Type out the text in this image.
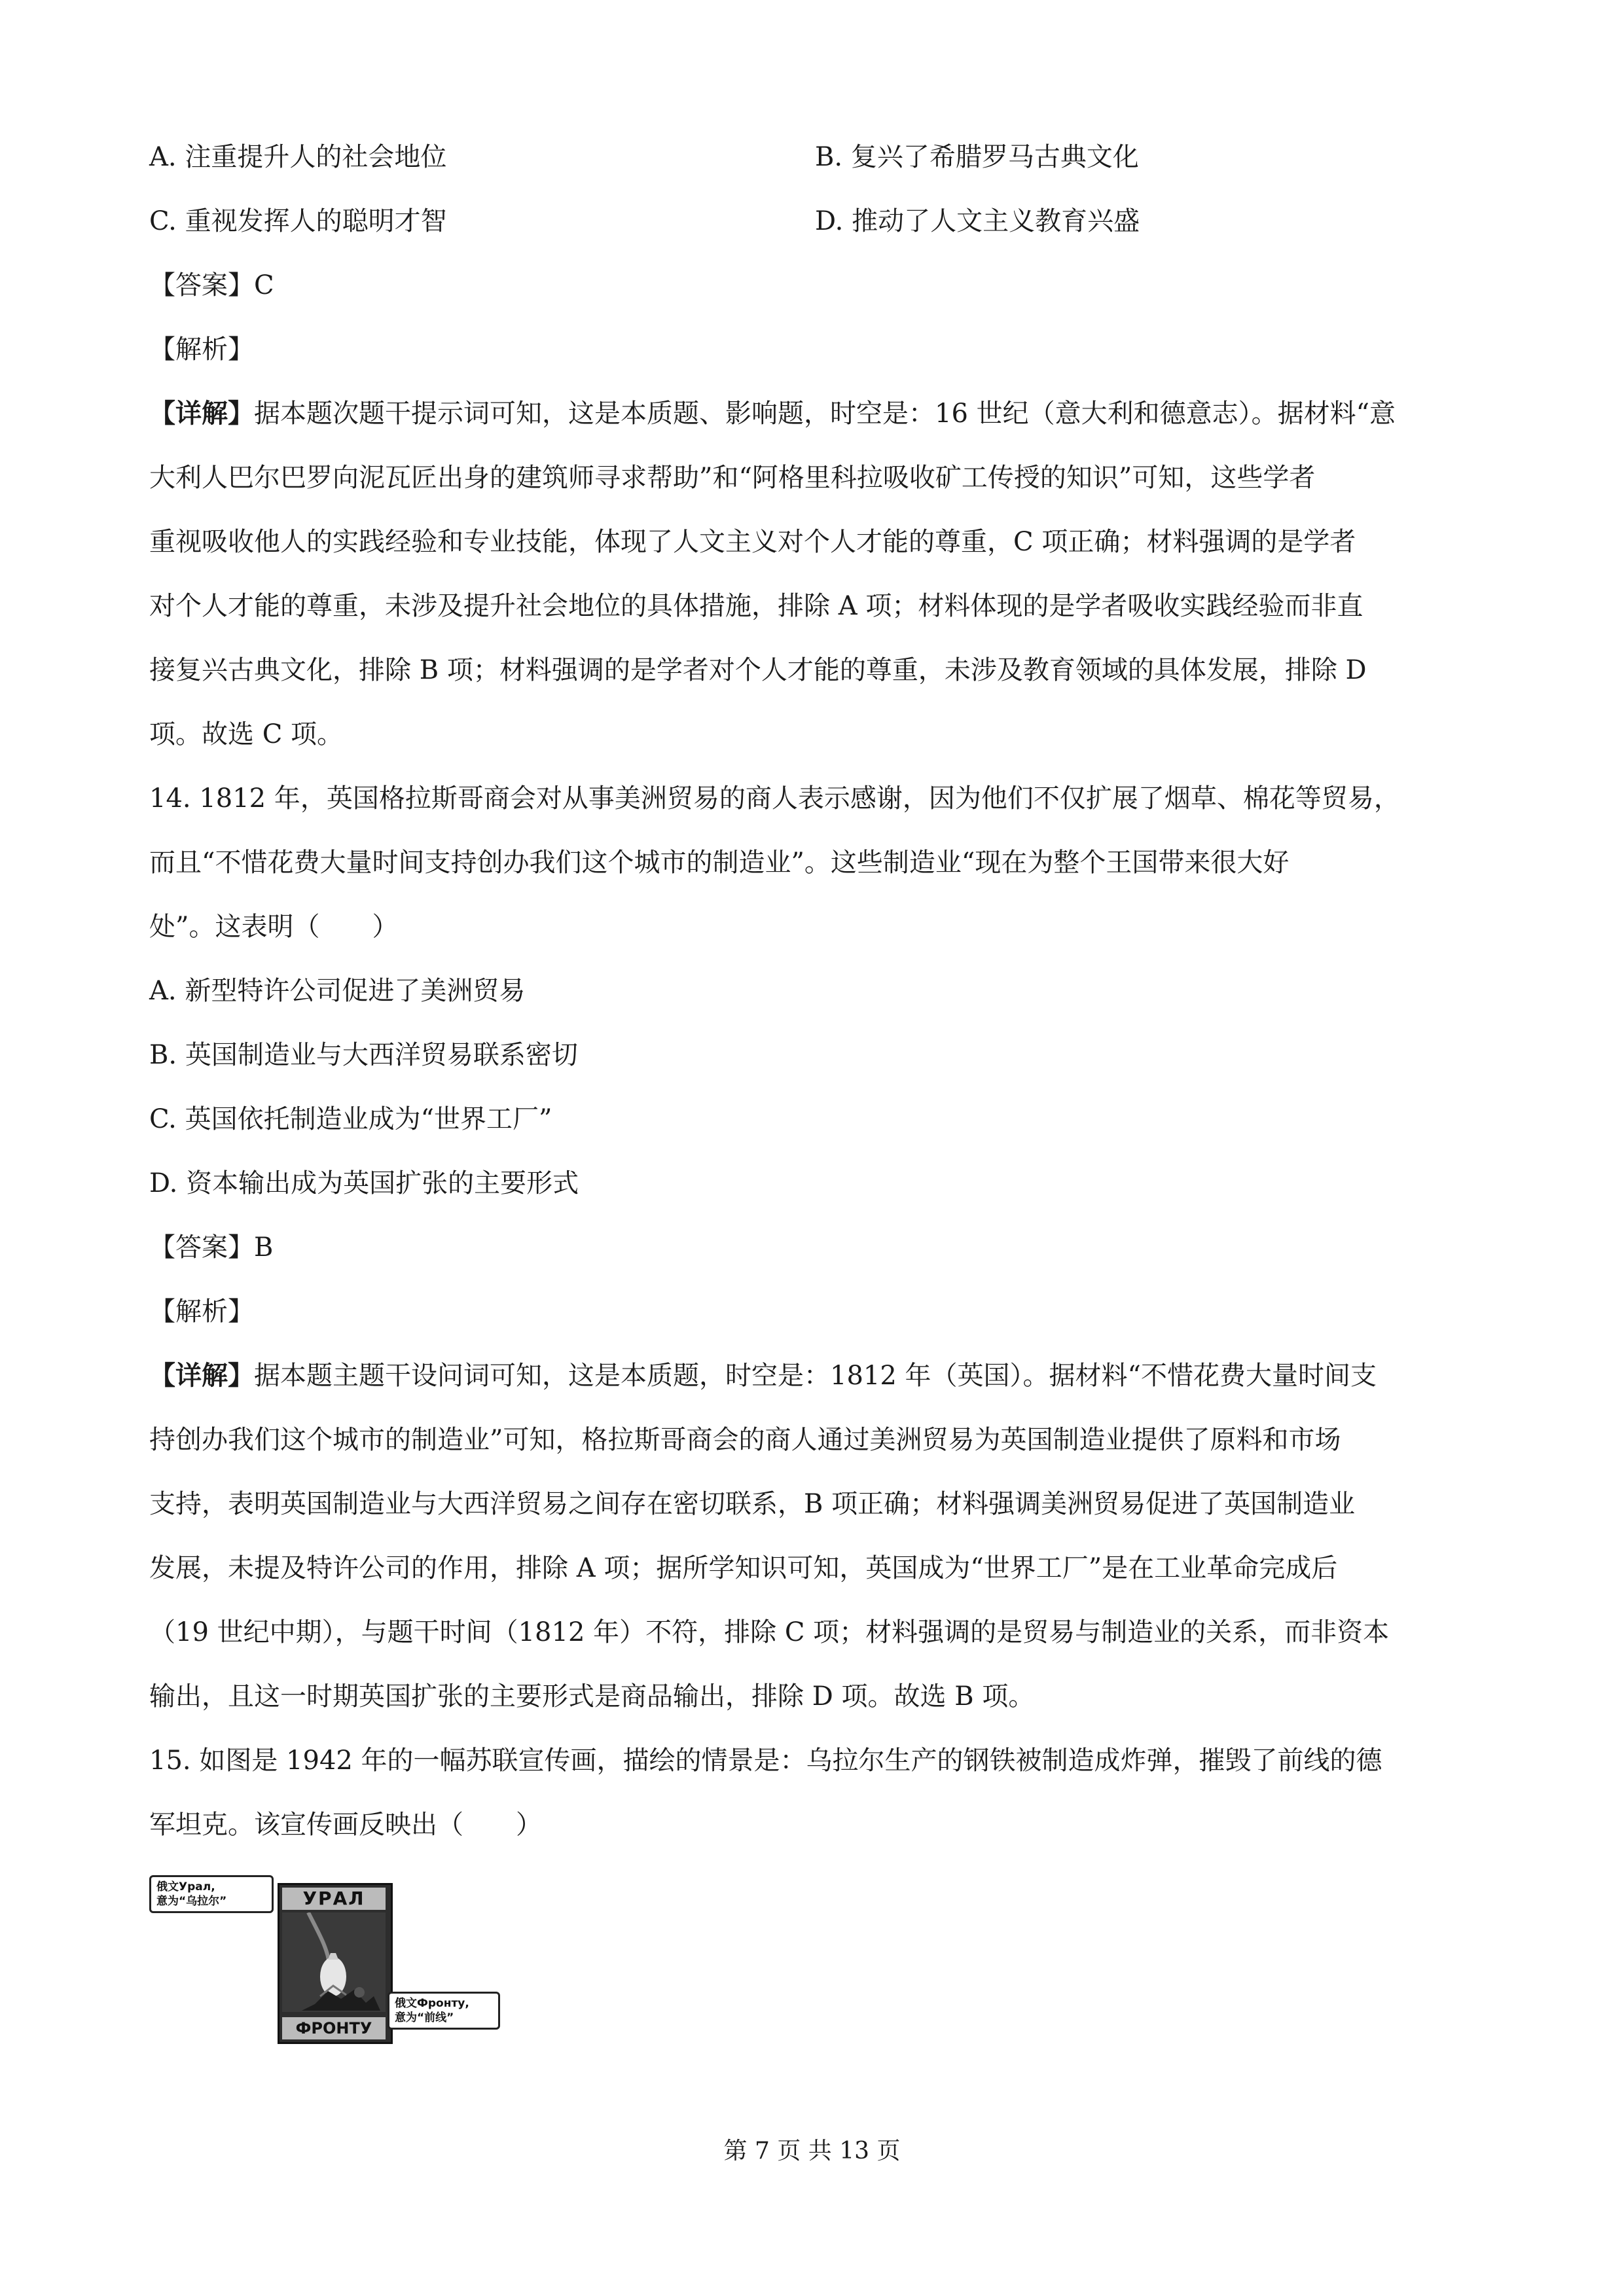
A. 注重提升人的社会地位	B. 复兴了希腊罗马古典文化
C. 重视发挥人的聪明才智	D. 推动了人文主义教育兴盛
【答案】C
【解析】
【详解】据本题次题干提示词可知，这是本质题、影响题，时空是：16 世纪（意大利和德意志）。据材料“意
大利人巴尔巴罗向泥瓦匠出身的建筑师寻求帮助”和“阿格里科拉吸收矿工传授的知识”可知，这些学者
重视吸收他人的实践经验和专业技能，体现了人文主义对个人才能的尊重，C 项正确；材料强调的是学者
对个人才能的尊重，未涉及提升社会地位的具体措施，排除 A 项；材料体现的是学者吸收实践经验而非直
接复兴古典文化，排除 B 项；材料强调的是学者对个人才能的尊重，未涉及教育领域的具体发展，排除 D
项。故选 C 项。
14. 1812 年，英国格拉斯哥商会对从事美洲贸易的商人表示感谢，因为他们不仅扩展了烟草、棉花等贸易，
而且“不惜花费大量时间支持创办我们这个城市的制造业”。这些制造业“现在为整个王国带来很大好
处”。这表明（　　）
A. 新型特许公司促进了美洲贸易
B. 英国制造业与大西洋贸易联系密切
C. 英国依托制造业成为“世界工厂”
D. 资本输出成为英国扩张的主要形式
【答案】B
【解析】
【详解】据本题主题干设问词可知，这是本质题，时空是：1812 年（英国）。据材料“不惜花费大量时间支
持创办我们这个城市的制造业”可知，格拉斯哥商会的商人通过美洲贸易为英国制造业提供了原料和市场
支持，表明英国制造业与大西洋贸易之间存在密切联系，B 项正确；材料强调美洲贸易促进了英国制造业
发展，未提及特许公司的作用，排除 A 项；据所学知识可知，英国成为“世界工厂”是在工业革命完成后
（19 世纪中期），与题干时间（1812 年）不符，排除 C 项；材料强调的是贸易与制造业的关系，而非资本
输出，且这一时期英国扩张的主要形式是商品输出，排除 D 项。故选 B 项。
15. 如图是 1942 年的一幅苏联宣传画，描绘的情景是：乌拉尔生产的钢铁被制造成炸弹，摧毁了前线的德
军坦克。该宣传画反映出（　　）
УРАЛ
ФРОНТУ
俄文Урал,
意为“乌拉尔”
俄文Фронту,
意为“前线”
第 7 页 共 13 页
